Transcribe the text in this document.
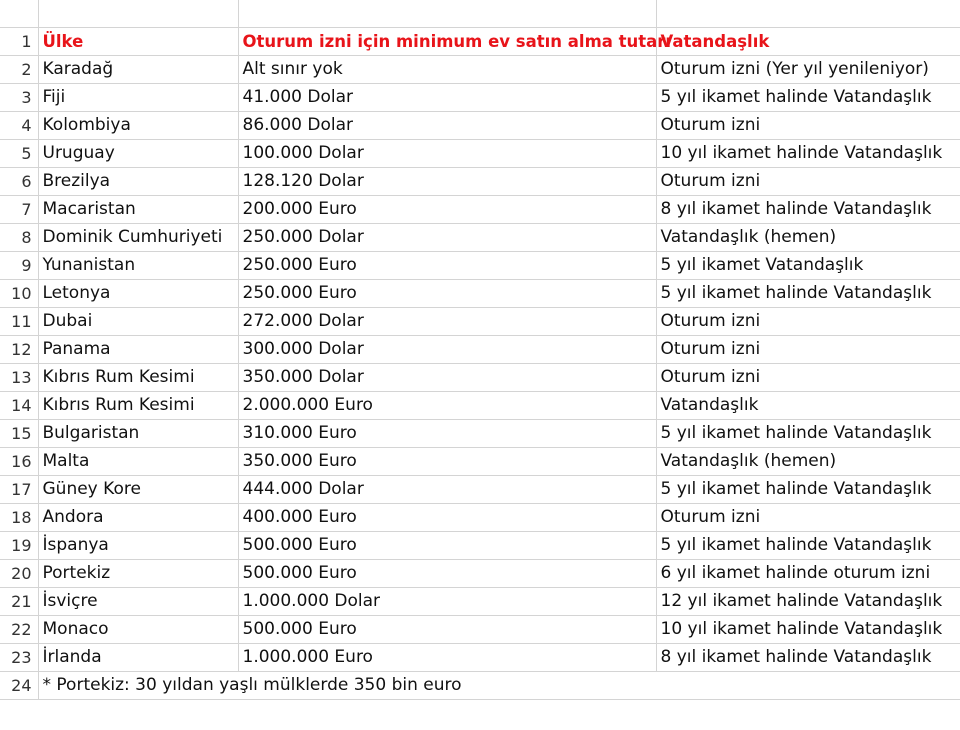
1	Ülke	Oturum izni için minimum ev satın alma tutarı	Vatandaşlık
2	Karadağ	Alt sınır yok	Oturum izni (Yer yıl yenileniyor)
3	Fiji	41.000 Dolar	5 yıl ikamet halinde Vatandaşlık
4	Kolombiya	86.000 Dolar	Oturum izni
5	Uruguay	100.000 Dolar	10 yıl ikamet halinde Vatandaşlık
6	Brezilya	128.120 Dolar	Oturum izni
7	Macaristan	200.000 Euro	8 yıl ikamet halinde Vatandaşlık
8	Dominik Cumhuriyeti	250.000 Dolar	Vatandaşlık (hemen)
9	Yunanistan	250.000 Euro	5 yıl ikamet Vatandaşlık
10	Letonya	250.000 Euro	5 yıl ikamet halinde Vatandaşlık
11	Dubai	272.000 Dolar	Oturum izni
12	Panama	300.000 Dolar	Oturum izni
13	Kıbrıs Rum Kesimi	350.000 Dolar	Oturum izni
14	Kıbrıs Rum Kesimi	2.000.000 Euro	Vatandaşlık
15	Bulgaristan	310.000 Euro	5 yıl ikamet halinde Vatandaşlık
16	Malta	350.000 Euro	Vatandaşlık (hemen)
17	Güney Kore	444.000 Dolar	5 yıl ikamet halinde Vatandaşlık
18	Andora	400.000 Euro	Oturum izni
19	İspanya	500.000 Euro	5 yıl ikamet halinde Vatandaşlık
20	Portekiz	500.000 Euro	6 yıl ikamet halinde oturum izni
21	İsviçre	1.000.000 Dolar	12 yıl ikamet halinde Vatandaşlık
22	Monaco	500.000 Euro	10 yıl ikamet halinde Vatandaşlık
23	İrlanda	1.000.000 Euro	8 yıl ikamet halinde Vatandaşlık
24	* Portekiz: 30 yıldan yaşlı mülklerde 350 bin euro		
